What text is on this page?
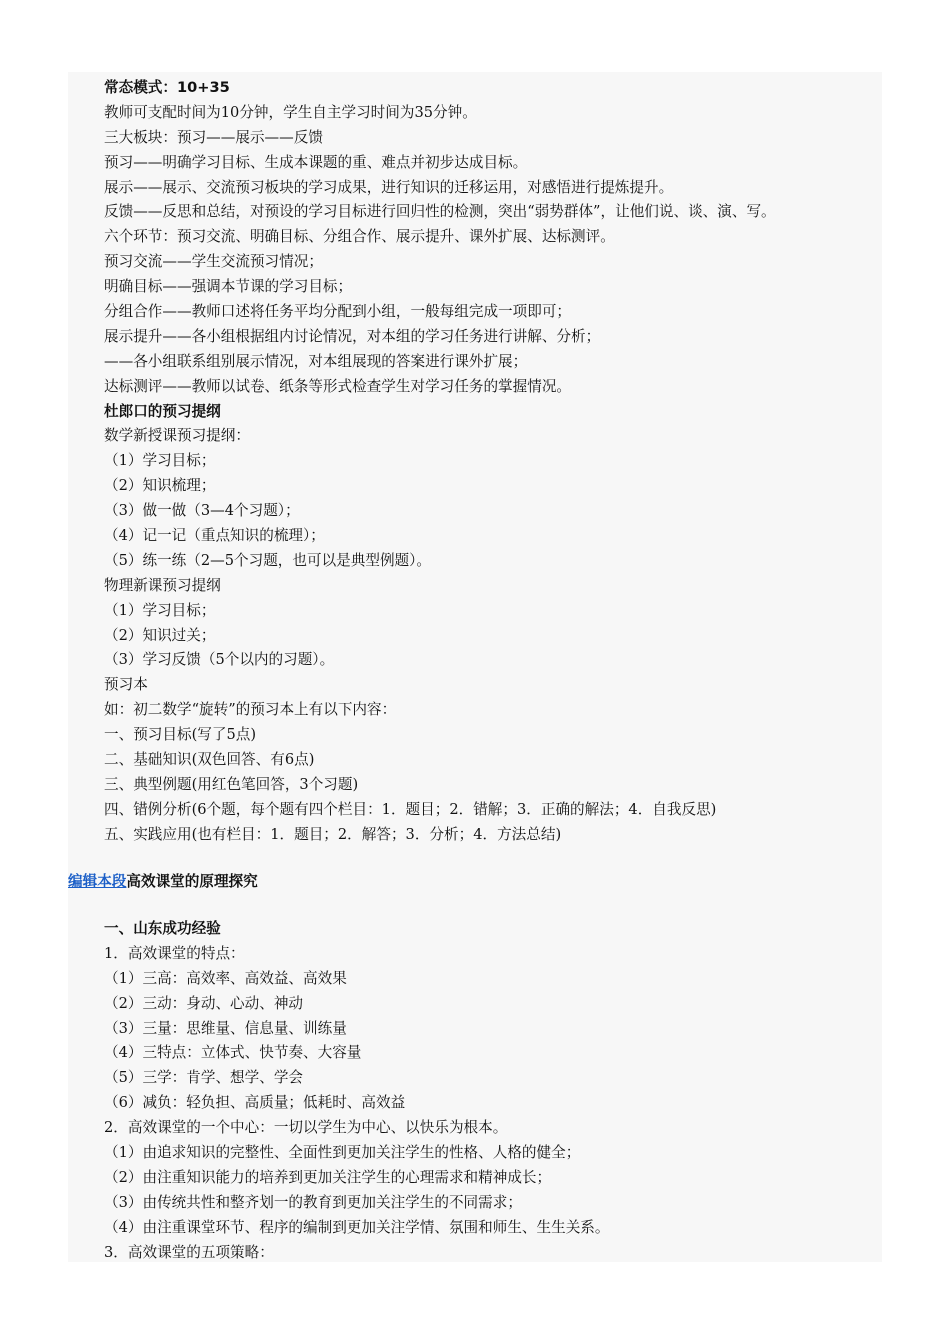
常态模式：10+35
教师可支配时间为10分钟，学生自主学习时间为35分钟。
三大板块：预习——展示——反馈
预习——明确学习目标、生成本课题的重、难点并初步达成目标。
展示——展示、交流预习板块的学习成果，进行知识的迁移运用，对感悟进行提炼提升。
反馈——反思和总结，对预设的学习目标进行回归性的检测，突出“弱势群体”，让他们说、谈、演、写。
六个环节：预习交流、明确目标、分组合作、展示提升、课外扩展、达标测评。
预习交流——学生交流预习情况；
明确目标——强调本节课的学习目标；
分组合作——教师口述将任务平均分配到小组，一般每组完成一项即可；
展示提升——各小组根据组内讨论情况，对本组的学习任务进行讲解、分析；
——各小组联系组别展示情况，对本组展现的答案进行课外扩展；
达标测评——教师以试卷、纸条等形式检查学生对学习任务的掌握情况。
杜郎口的预习提纲
数学新授课预习提纲：
（1）学习目标；
（2）知识梳理；
（3）做一做（3—4个习题）；
（4）记一记（重点知识的梳理）；
（5）练一练（2—5个习题，也可以是典型例题）。
物理新课预习提纲
（1）学习目标；
（2）知识过关；
（3）学习反馈（5个以内的习题）。
预习本
如：初二数学“旋转”的预习本上有以下内容：
一、预习目标(写了5点)
二、基础知识(双色回答、有6点)
三、典型例题(用红色笔回答，3个习题)
四、错例分析(6个题，每个题有四个栏目：1．题目；2．错解；3．正确的解法；4．自我反思)
五、实践应用(也有栏目：1．题目；2．解答；3．分析；4．方法总结)
编辑本段高效课堂的原理探究
一、山东成功经验
1．高效课堂的特点：
（1）三高：高效率、高效益、高效果
（2）三动：身动、心动、神动
（3）三量：思维量、信息量、训练量
（4）三特点：立体式、快节奏、大容量
（5）三学：肯学、想学、学会
（6）减负：轻负担、高质量；低耗时、高效益
2．高效课堂的一个中心：一切以学生为中心、以快乐为根本。
（1）由追求知识的完整性、全面性到更加关注学生的性格、人格的健全；
（2）由注重知识能力的培养到更加关注学生的心理需求和精神成长；
（3）由传统共性和整齐划一的教育到更加关注学生的不同需求；
（4）由注重课堂环节、程序的编制到更加关注学情、氛围和师生、生生关系。
3．高效课堂的五项策略：
